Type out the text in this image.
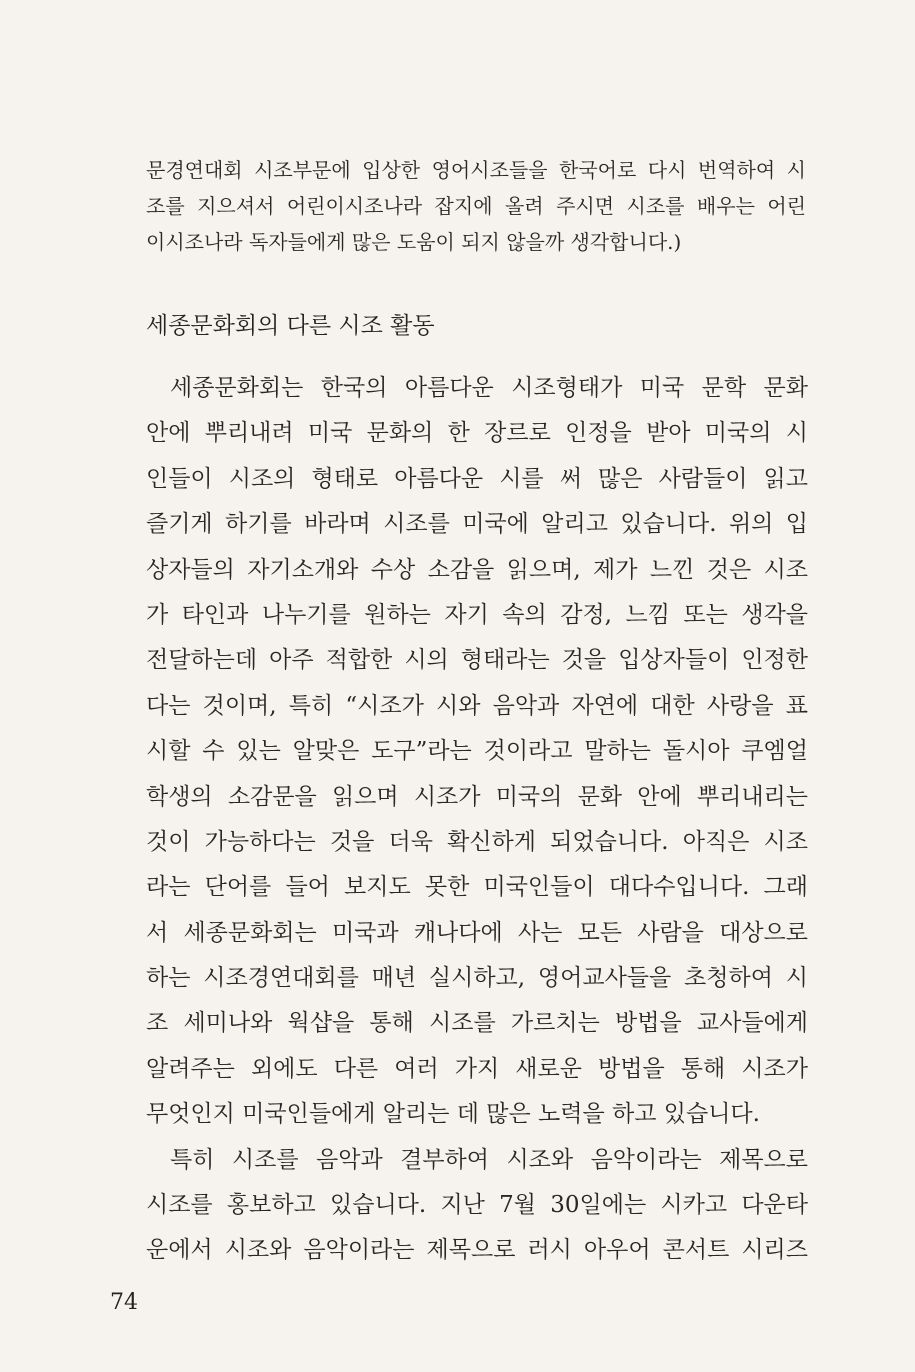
문경연대회 시조부문에 입상한 영어시조들을 한국어로 다시 번역하여 시
조를 지으셔서 어린이시조나라 잡지에 올려 주시면 시조를 배우는 어린
이시조나라 독자들에게 많은 도움이 되지 않을까 생각합니다.)
세종문화회의 다른 시조 활동
세종문화회는 한국의 아름다운 시조형태가 미국 문학 문화
안에 뿌리내려 미국 문화의 한 장르로 인정을 받아 미국의 시
인들이 시조의 형태로 아름다운 시를 써 많은 사람들이 읽고
즐기게 하기를 바라며 시조를 미국에 알리고 있습니다. 위의 입
상자들의 자기소개와 수상 소감을 읽으며, 제가 느낀 것은 시조
가 타인과 나누기를 원하는 자기 속의 감정, 느낌 또는 생각을
전달하는데 아주 적합한 시의 형태라는 것을 입상자들이 인정한
다는 것이며, 특히 “시조가 시와 음악과 자연에 대한 사랑을 표
시할 수 있는 알맞은 도구”라는 것이라고 말하는 돌시아 쿠엠얼
학생의 소감문을 읽으며 시조가 미국의 문화 안에 뿌리내리는
것이 가능하다는 것을 더욱 확신하게 되었습니다. 아직은 시조
라는 단어를 들어 보지도 못한 미국인들이 대다수입니다. 그래
서 세종문화회는 미국과 캐나다에 사는 모든 사람을 대상으로
하는 시조경연대회를 매년 실시하고, 영어교사들을 초청하여 시
조 세미나와 웍샵을 통해 시조를 가르치는 방법을 교사들에게
알려주는 외에도 다른 여러 가지 새로운 방법을 통해 시조가
무엇인지 미국인들에게 알리는 데 많은 노력을 하고 있습니다.
특히 시조를 음악과 결부하여 시조와 음악이라는 제목으로
시조를 홍보하고 있습니다. 지난 7월 30일에는 시카고 다운타
운에서 시조와 음악이라는 제목으로 러시 아우어 콘서트 시리즈
74
